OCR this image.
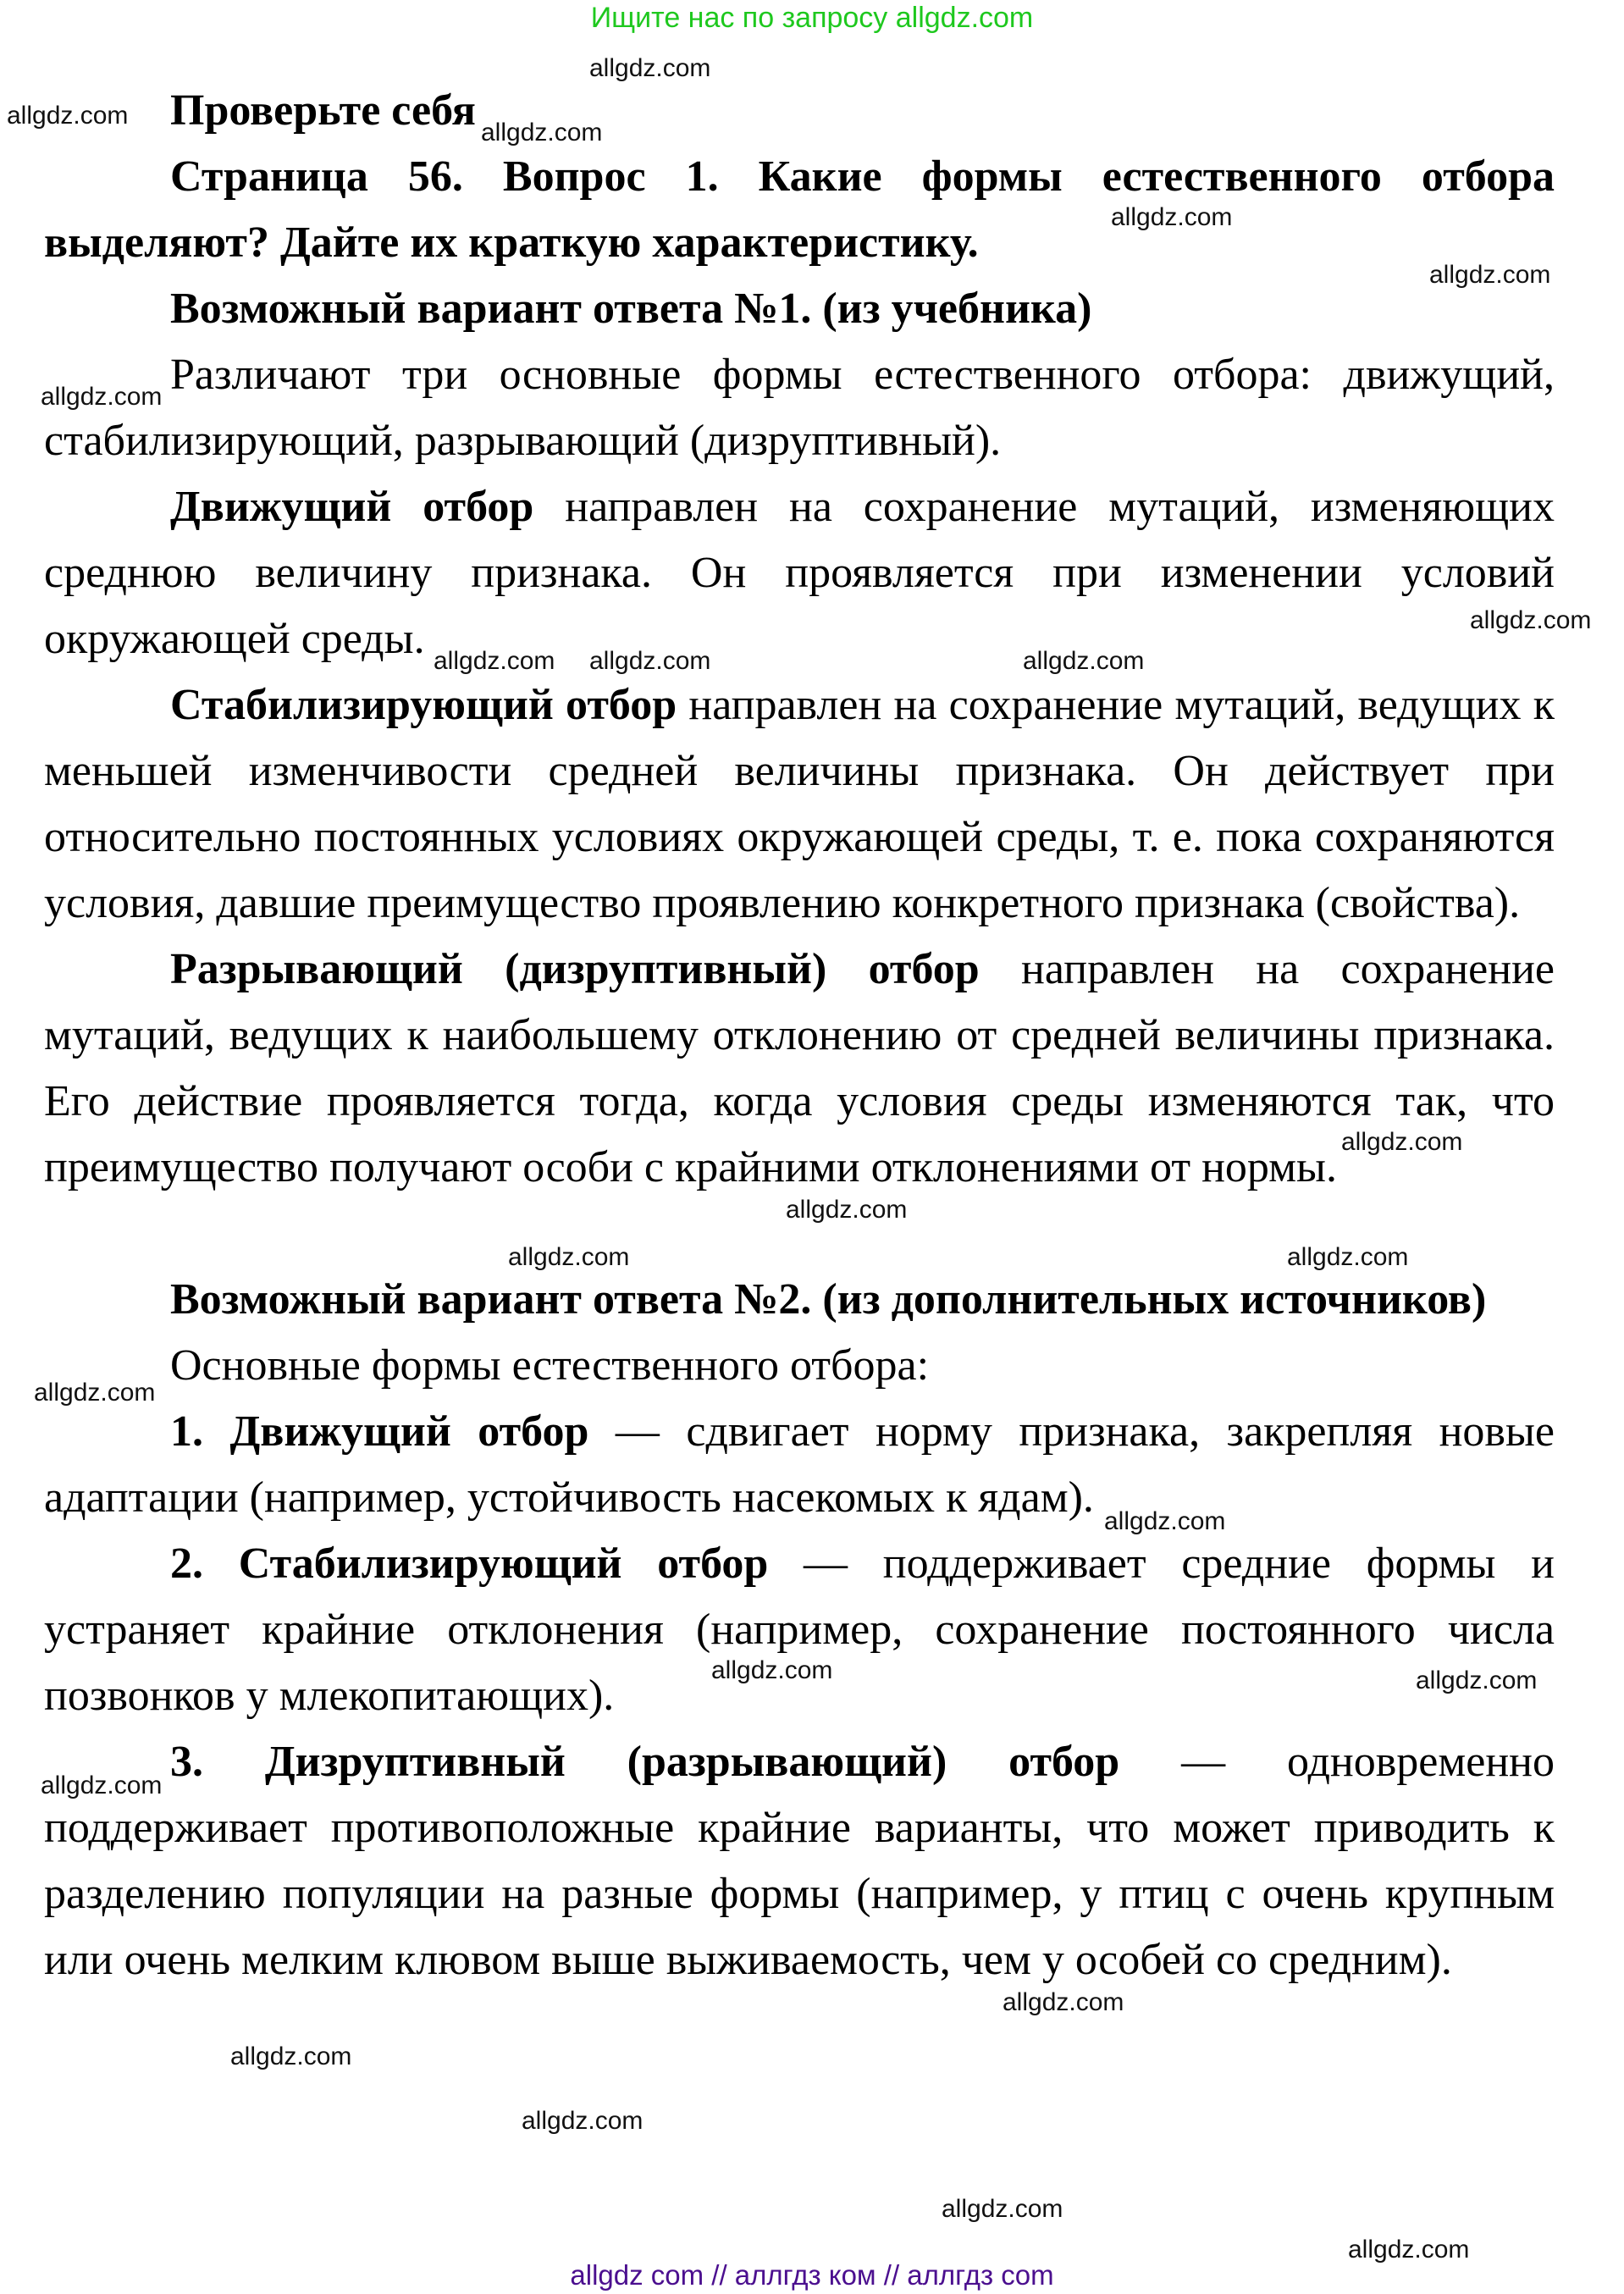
Ищите нас по запросу allgdz.com

Проверьте себя

Страница 56. Вопрос 1. Какие формы естественного отбора выделяют? Дайте их краткую характеристику.

Возможный вариант ответа №1. (из учебника)

Различают три основные формы естественного отбора: движущий, стабилизирующий, разрывающий (дизруптивный).

Движущий отбор направлен на сохранение мутаций, изменяющих среднюю величину признака. Он проявляется при изменении условий окружающей среды.

Стабилизирующий отбор направлен на сохранение мутаций, ведущих к меньшей изменчивости средней величины признака. Он действует при относительно постоянных условиях окружающей среды, т. е. пока сохраняются условия, давшие преимущество проявлению конкретного признака (свойства).

Разрывающий (дизруптивный) отбор направлен на сохранение мутаций, ведущих к наибольшему отклонению от средней величины признака. Его действие проявляется тогда, когда условия среды изменяются так, что преимущество получают особи с крайними отклонениями от нормы.

Возможный вариант ответа №2. (из дополнительных источников)

Основные формы естественного отбора:

1. Движущий отбор — сдвигает норму признака, закрепляя новые адаптации (например, устойчивость насекомых к ядам).

2. Стабилизирующий отбор — поддерживает средние формы и устраняет крайние отклонения (например, сохранение постоянного числа позвонков у млекопитающих).

3. Дизруптивный (разрывающий) отбор — одновременно поддерживает противоположные крайние варианты, что может приводить к разделению популяции на разные формы (например, у птиц с очень крупным или очень мелким клювом выше выживаемость, чем у особей со средним).

allgdz.com
allgdz.com
allgdz.com
allgdz.com
allgdz.com
allgdz.com
allgdz.com
allgdz.com
allgdz.com allgdz.com
allgdz.com
allgdz.com
allgdz.com
allgdz.com
allgdz.com
allgdz.com
allgdz.com	allgdz.com
allgdz.com
allgdz.com
allgdz.com
allgdz.com
allgdz.com
allgdz.com
allgdz com // аллгдз ком // аллгдз com
